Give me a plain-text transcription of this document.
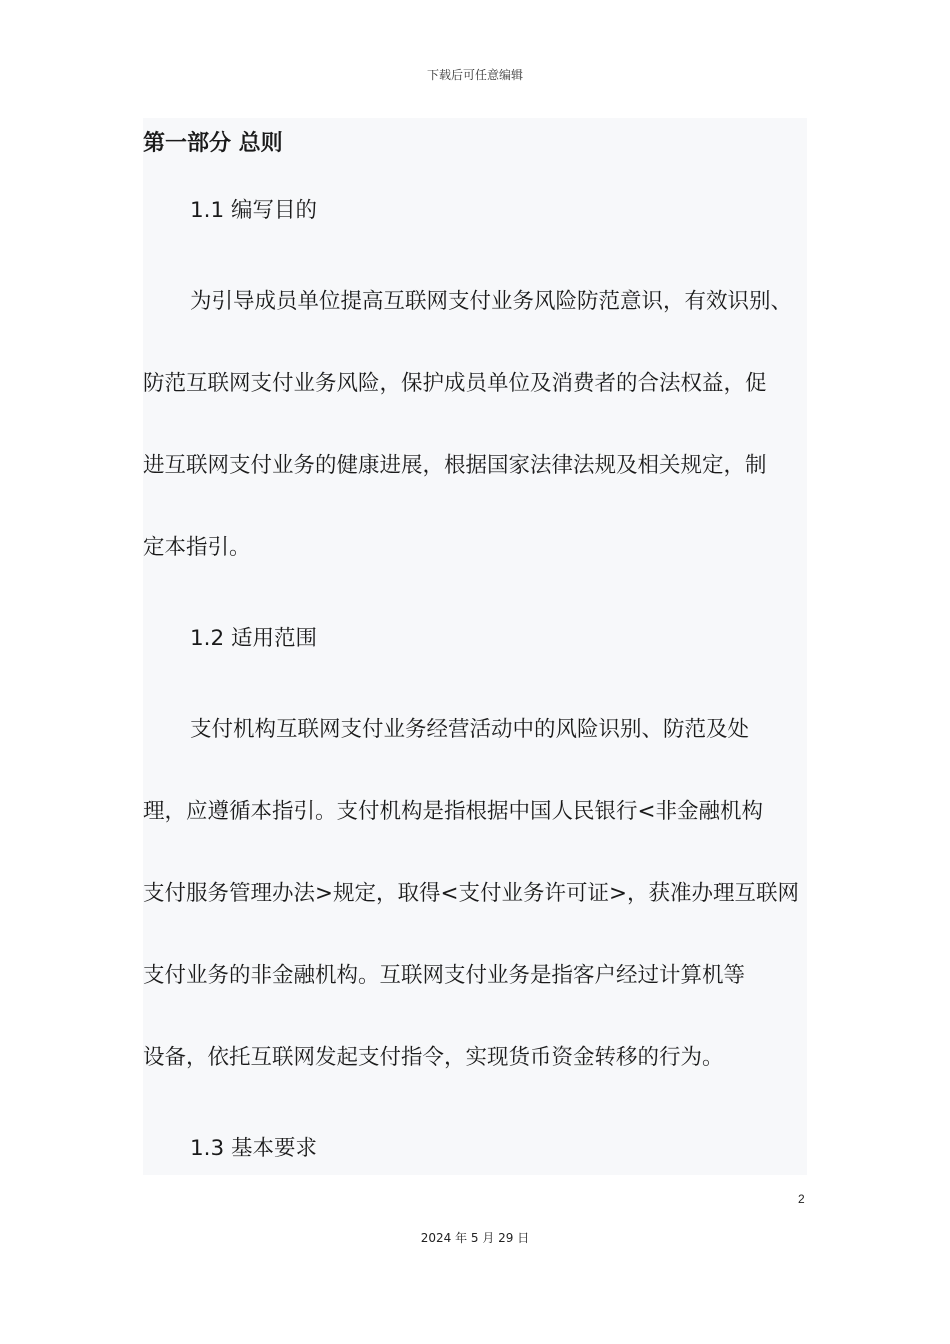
下载后可任意编辑
第一部分 总则
1.1 编写目的
为引导成员单位提高互联网支付业务风险防范意识，有效识别、
防范互联网支付业务风险，保护成员单位及消费者的合法权益，促
进互联网支付业务的健康进展，根据国家法律法规及相关规定，制
定本指引。
1.2 适用范围
支付机构互联网支付业务经营活动中的风险识别、防范及处
理，应遵循本指引。支付机构是指根据中国人民银行<非金融机构
支付服务管理办法>规定，取得<支付业务许可证>，获准办理互联网
支付业务的非金融机构。互联网支付业务是指客户经过计算机等
设备，依托互联网发起支付指令，实现货币资金转移的行为。
1.3 基本要求
2
2024 年 5 月 29 日
